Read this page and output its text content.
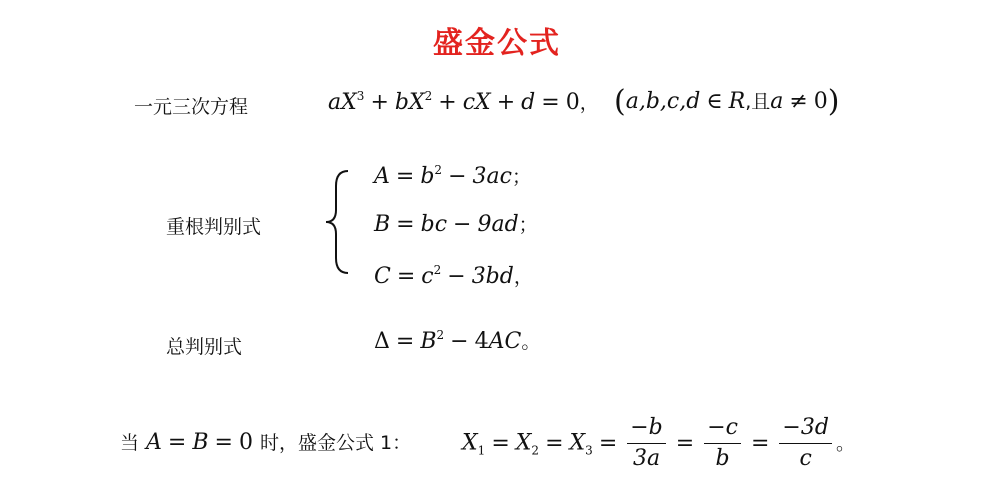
盛金公式
一元三次方程	$aX^3 + bX^2$ + cX + d = 0， (a,b,c,d ∈ R,且a ≠ 0)
重根判别式
$A = b^2 - 3ac$；
B = bc − 9ad；
$C = c^2 - 3bd$，
总判别式	$\Delta = B^2 - 4AC$。
当 A = B = 0 时，盛金公式 1： $X_1 = X_2 = X_3 = \frac{-b}{3a} = \frac{-c}{b} = \frac{-3d}{c}$ 。
